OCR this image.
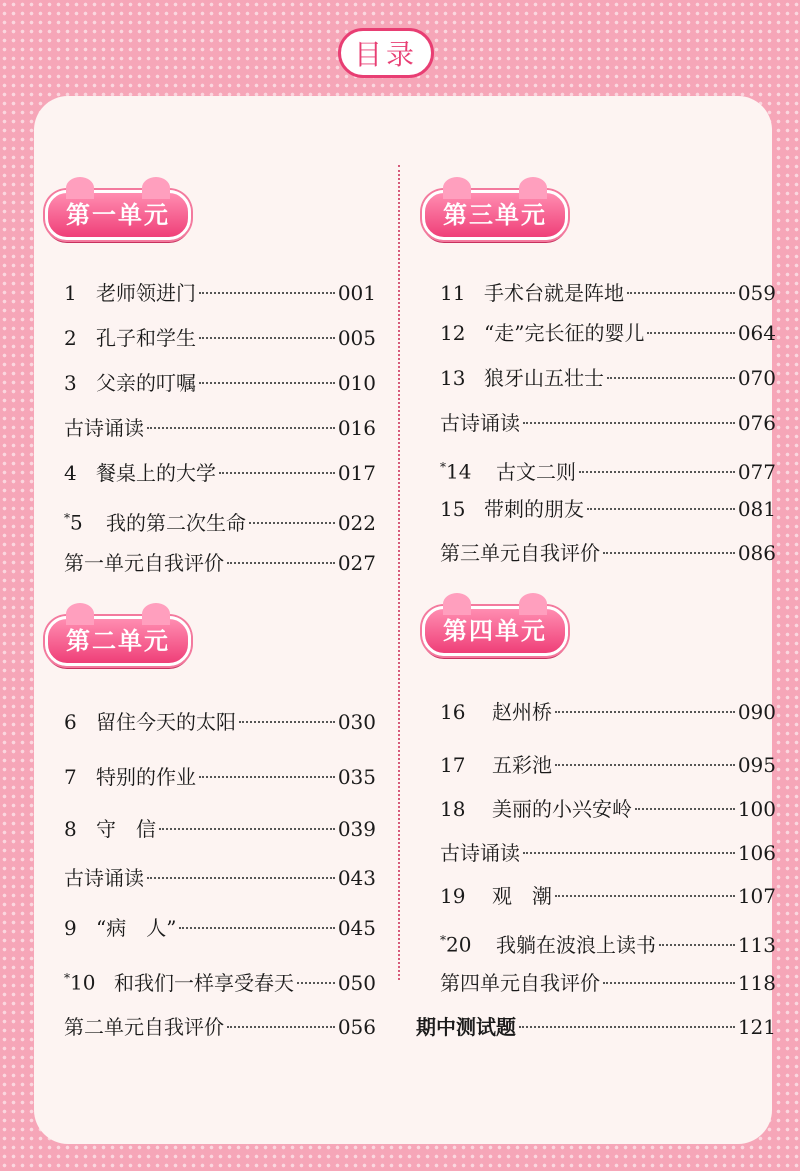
目录
第一单元
第二单元
第三单元
第四单元
1 老师领进门	001
2 孔子和学生	005
3 父亲的叮嘱	010
古诗诵读	016
4 餐桌上的大学	017
*5	我的第二次生命	022
第一单元自我评价	027
6 留住今天的太阳	030
7 特别的作业	035
8 守　信	039
古诗诵读	043
9 “病　人”	045
*10 和我们一样享受春天 050
第二单元自我评价	056
11 手术台就是阵地	059
12 “走”完长征的婴儿	064
13 狼牙山五壮士	070
古诗诵读	076
*14	古文二则	077
15 带刺的朋友	081
第三单元自我评价	086
16	赵州桥	090
17	五彩池	095
18	美丽的小兴安岭	100
古诗诵读	106
19	观　潮	107
*20	我躺在波浪上读书	113
第四单元自我评价	118
期中测试题	121
